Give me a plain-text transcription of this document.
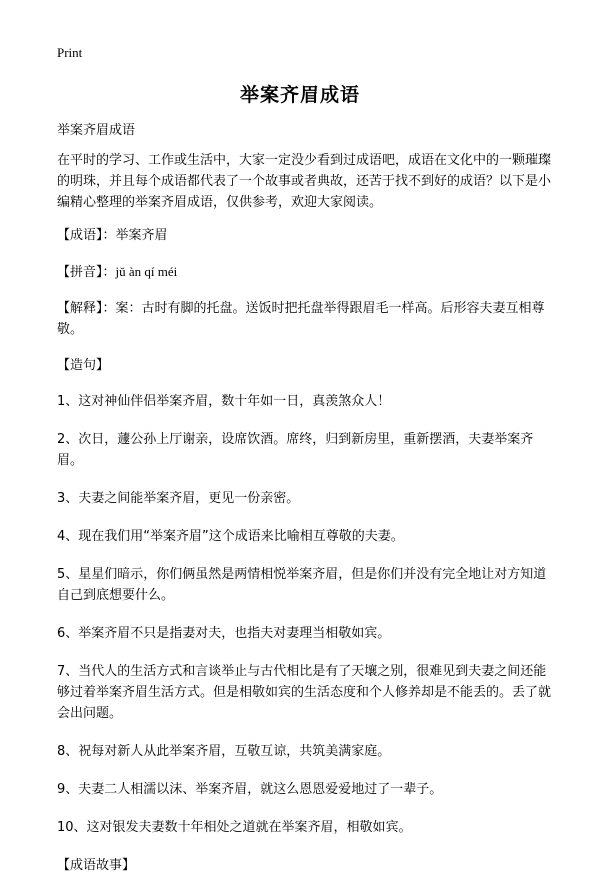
Print
举案齐眉成语

举案齐眉成语

在平时的学习、工作或生活中，大家一定没少看到过成语吧，成语在文化中的一颗璀璨的明珠，并且每个成语都代表了一个故事或者典故，还苦于找不到好的成语？以下是小编精心整理的举案齐眉成语，仅供参考，欢迎大家阅读。

【成语】：举案齐眉

【拼音】：jǔ àn qí méi

【解释】：案：古时有脚的托盘。送饭时把托盘举得跟眉毛一样高。后形容夫妻互相尊敬。

【造句】

1、这对神仙伴侣举案齐眉，数十年如一日，真羡煞众人！

2、次日，蘧公孙上厅谢亲，设席饮酒。席终，归到新房里，重新摆酒，夫妻举案齐眉。

3、夫妻之间能举案齐眉，更见一份亲密。

4、现在我们用“举案齐眉”这个成语来比喻相互尊敬的夫妻。

5、星星们暗示，你们俩虽然是两情相悦举案齐眉，但是你们并没有完全地让对方知道自己到底想要什么。

6、举案齐眉不只是指妻对夫，也指夫对妻理当相敬如宾。

7、当代人的生活方式和言谈举止与古代相比是有了天壤之别，很难见到夫妻之间还能够过着举案齐眉生活方式。但是相敬如宾的生活态度和个人修养却是不能丢的。丢了就会出问题。

8、祝每对新人从此举案齐眉，互敬互谅，共筑美满家庭。

9、夫妻二人相濡以沫、举案齐眉，就这么恩恩爱爱地过了一辈子。

10、这对银发夫妻数十年相处之道就在举案齐眉，相敬如宾。

【成语故事】
